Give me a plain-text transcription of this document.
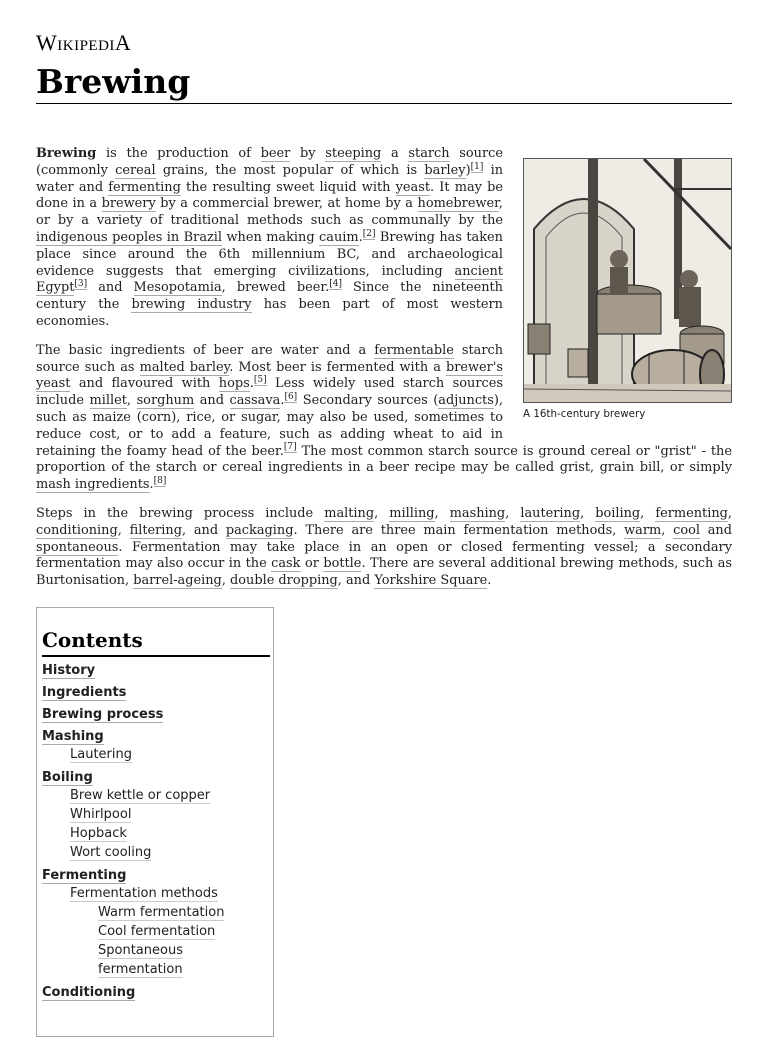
WIKIPEDIA
Brewing
A 16th-century brewery

Brewing is the production of beer by steeping a starch source (commonly cereal grains, the most popular of which is barley)[1] in water and fermenting the resulting sweet liquid with yeast. It may be done in a brewery by a commercial brewer, at home by a homebrewer, or by a variety of traditional methods such as communally by the indigenous peoples in Brazil when making cauim.[2] Brewing has taken place since around the 6th millennium BC, and archaeological evidence suggests that emerging civilizations, including ancient Egypt[3] and Mesopotamia, brewed beer.[4] Since the nineteenth century the brewing industry has been part of most western economies.

The basic ingredients of beer are water and a fermentable starch source such as malted barley. Most beer is fermented with a brewer's yeast and flavoured with hops.[5] Less widely used starch sources include millet, sorghum and cassava.[6] Secondary sources (adjuncts), such as maize (corn), rice, or sugar, may also be used, sometimes to reduce cost, or to add a feature, such as adding wheat to aid in retaining the foamy head of the beer.[7] The most common starch source is ground cereal or "grist" - the proportion of the starch or cereal ingredients in a beer recipe may be called grist, grain bill, or simply mash ingredients.[8]

Steps in the brewing process include malting, milling, mashing, lautering, boiling, fermenting, conditioning, filtering, and packaging. There are three main fermentation methods, warm, cool and spontaneous. Fermentation may take place in an open or closed fermenting vessel; a secondary fermentation may also occur in the cask or bottle. There are several additional brewing methods, such as Burtonisation, barrel-ageing, double dropping, and Yorkshire Square.

Contents
History
Ingredients
Brewing process
Mashing
Lautering
Boiling
Brew kettle or copper
Whirlpool
Hopback
Wort cooling
Fermenting
Fermentation methods
Warm fermentation
Cool fermentation
Spontaneous fermentation
Conditioning
